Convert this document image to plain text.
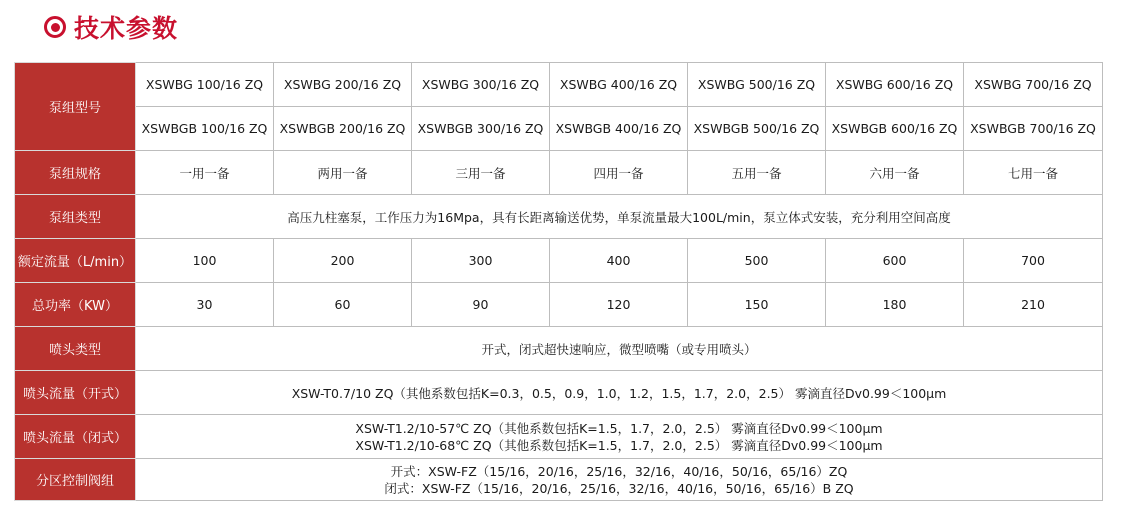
技术参数
泵组型号	XSWBG 100/16 ZQ	XSWBG 200/16 ZQ	XSWBG 300/16 ZQ	XSWBG 400/16 ZQ	XSWBG 500/16 ZQ	XSWBG 600/16 ZQ	XSWBG 700/16 ZQ
	XSWBGB 100/16 ZQ	XSWBGB 200/16 ZQ	XSWBGB 300/16 ZQ	XSWBGB 400/16 ZQ	XSWBGB 500/16 ZQ	XSWBGB 600/16 ZQ	XSWBGB 700/16 ZQ
泵组规格	一用一备	两用一备	三用一备	四用一备	五用一备	六用一备	七用一备
泵组类型	高压九柱塞泵，工作压力为16Mpa，具有长距离输送优势，单泵流量最大100L/min，泵立体式安装，充分利用空间高度						
额定流量（L/min）	100	200	300	400	500	600	700
总功率（KW）	30	60	90	120	150	180	210
喷头类型	开式，闭式超快速响应，微型喷嘴（或专用喷头）						
喷头流量（开式）	XSW-T0.7/10 ZQ（其他系数包括K=0.3，0.5，0.9，1.0，1.2，1.5，1.7，2.0，2.5） 雾滴直径Dv0.99＜100μm						
喷头流量（闭式）	XSW-T1.2/10-57℃ ZQ（其他系数包括K=1.5，1.7，2.0，2.5） 雾滴直径Dv0.99＜100μm
XSW-T1.2/10-68℃ ZQ（其他系数包括K=1.5，1.7，2.0，2.5） 雾滴直径Dv0.99＜100μm						

分区控制阀组	开式：XSW-FZ（15/16，20/16，25/16，32/16，40/16，50/16，65/16）ZQ
闭式：XSW-FZ（15/16，20/16，25/16，32/16，40/16，50/16，65/16）B ZQ						
